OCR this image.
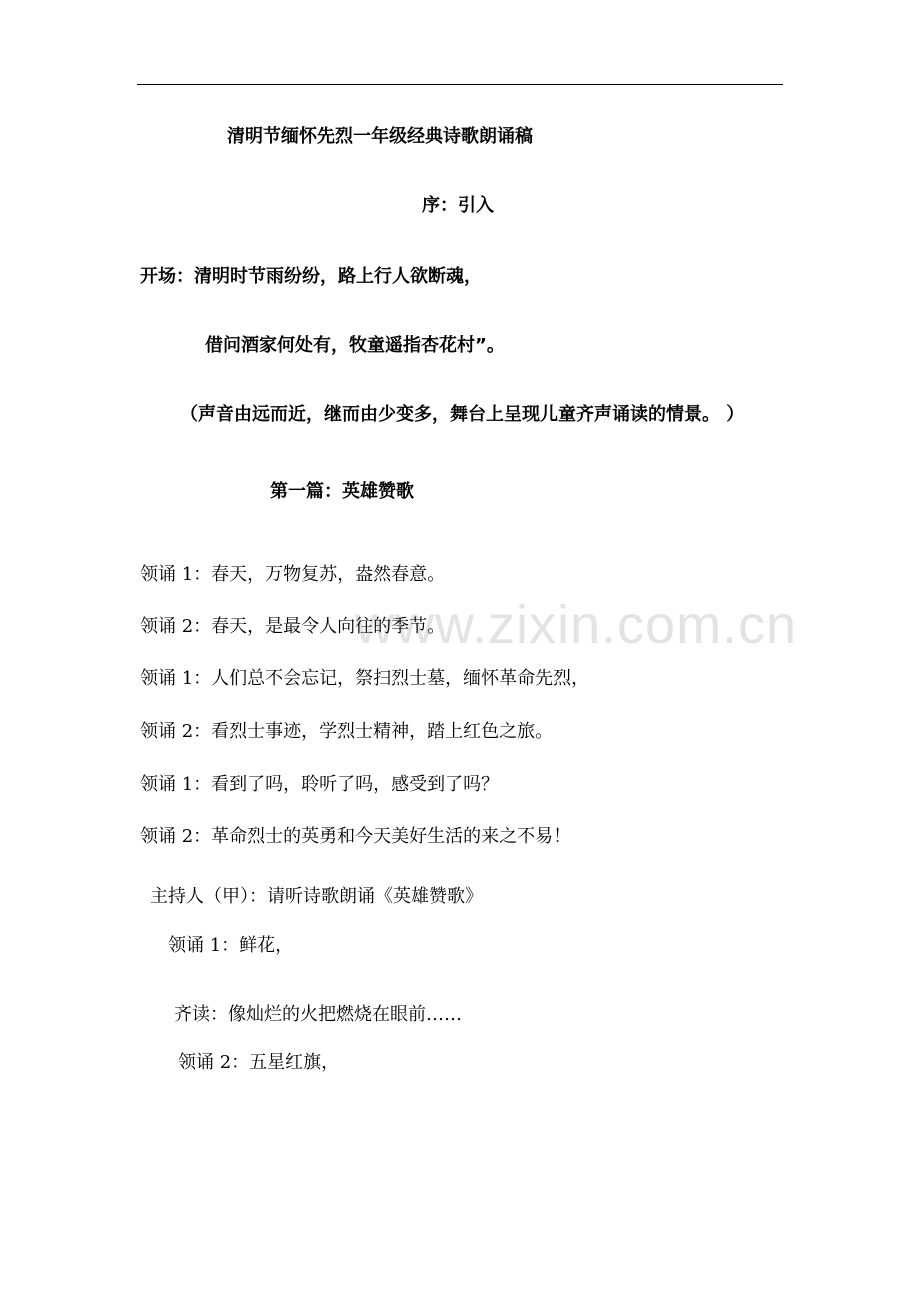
www.zixin.com.cn
清明节缅怀先烈一年级经典诗歌朗诵稿
序：引入
开场：清明时节雨纷纷，路上行人欲断魂，
借问酒家何处有，牧童遥指杏花村”。
（声音由远而近，继而由少变多，舞台上呈现儿童齐声诵读的情景。 ）
第一篇：英雄赞歌
领诵 1：春天，万物复苏，盎然春意。
领诵 2：春天，是最令人向往的季节。
领诵 1：人们总不会忘记，祭扫烈士墓，缅怀革命先烈，
领诵 2：看烈士事迹，学烈士精神，踏上红色之旅。
领诵 1：看到了吗，聆听了吗，感受到了吗？
领诵 2：革命烈士的英勇和今天美好生活的来之不易！
主持人（甲）：请听诗歌朗诵《英雄赞歌》
领诵 1：鲜花，
齐读：像灿烂的火把燃烧在眼前……
领诵 2：五星红旗，
